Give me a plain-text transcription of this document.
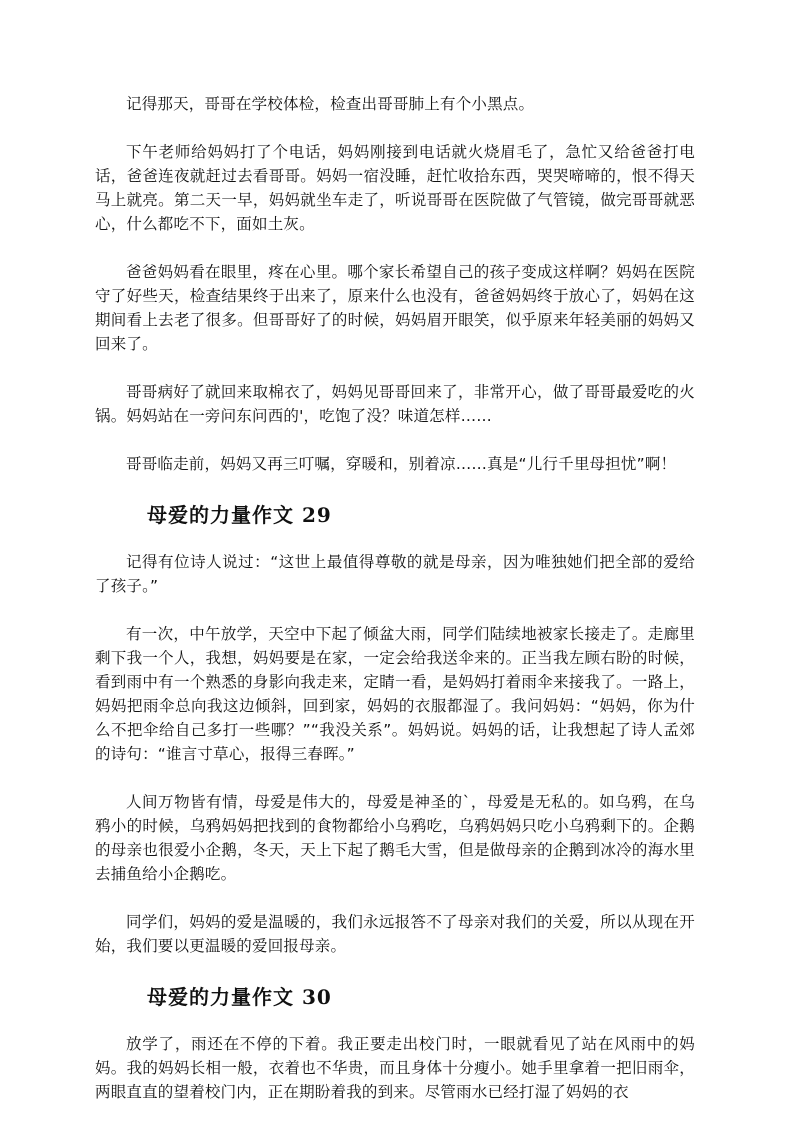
记得那天，哥哥在学校体检，检查出哥哥肺上有个小黑点。

下午老师给妈妈打了个电话，妈妈刚接到电话就火烧眉毛了，急忙又给爸爸打电话，爸爸连夜就赶过去看哥哥。妈妈一宿没睡，赶忙收拾东西，哭哭啼啼的，恨不得天马上就亮。第二天一早，妈妈就坐车走了，听说哥哥在医院做了气管镜，做完哥哥就恶心，什么都吃不下，面如土灰。

爸爸妈妈看在眼里，疼在心里。哪个家长希望自己的孩子变成这样啊？妈妈在医院守了好些天，检查结果终于出来了，原来什么也没有，爸爸妈妈终于放心了，妈妈在这期间看上去老了很多。但哥哥好了的时候，妈妈眉开眼笑，似乎原来年轻美丽的妈妈又回来了。

哥哥病好了就回来取棉衣了，妈妈见哥哥回来了，非常开心，做了哥哥最爱吃的火锅。妈妈站在一旁问东问西的'，吃饱了没？味道怎样……

哥哥临走前，妈妈又再三叮嘱，穿暖和，别着凉……真是“儿行千里母担忧”啊！

母爱的力量作文 29

记得有位诗人说过：“这世上最值得尊敬的就是母亲，因为唯独她们把全部的爱给了孩子。”

有一次，中午放学，天空中下起了倾盆大雨，同学们陆续地被家长接走了。走廊里剩下我一个人，我想，妈妈要是在家，一定会给我送伞来的。正当我左顾右盼的时候，看到雨中有一个熟悉的身影向我走来，定睛一看，是妈妈打着雨伞来接我了。一路上，妈妈把雨伞总向我这边倾斜，回到家，妈妈的衣服都湿了。我问妈妈：“妈妈，你为什么不把伞给自己多打一些哪？”“我没关系”。妈妈说。妈妈的话，让我想起了诗人孟郊的诗句：“谁言寸草心，报得三春晖。”

人间万物皆有情，母爱是伟大的，母爱是神圣的`，母爱是无私的。如乌鸦，在乌鸦小的时候，乌鸦妈妈把找到的食物都给小乌鸦吃，乌鸦妈妈只吃小乌鸦剩下的。企鹅的母亲也很爱小企鹅，冬天，天上下起了鹅毛大雪，但是做母亲的企鹅到冰冷的海水里去捕鱼给小企鹅吃。

同学们，妈妈的爱是温暖的，我们永远报答不了母亲对我们的关爱，所以从现在开始，我们要以更温暖的爱回报母亲。

母爱的力量作文 30

放学了，雨还在不停的下着。我正要走出校门时，一眼就看见了站在风雨中的妈妈。我的妈妈长相一般，衣着也不华贵，而且身体十分瘦小。她手里拿着一把旧雨伞，两眼直直的望着校门内，正在期盼着我的到来。尽管雨水已经打湿了妈妈的衣
